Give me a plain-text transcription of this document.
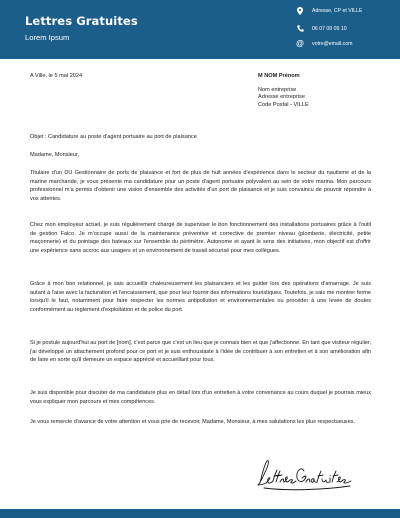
Lettres Gratuites
Lorem Ipsum
Adresse, CP et VILLE
06 07 08 09 10
@	votre@email.com
A Ville, le 5 mai 2024	M NOM Prénom
Nom entreprise
Adresse entreprise
Code Postal - VILLE
Objet : Candidature au poste d'agent portuaire au port de plaisance
Madame, Monsieur,

Titulaire d'un DU Gestionnaire de ports de plaisance et fort de plus de huit années d'expérience dans le secteur du nautisme et de la marine marchande, je vous présente ma candidature pour un poste d'agent portuaire polyvalent au sein de votre marina. Mon parcours professionnel m'a permis d'obtenir une vision d'ensemble des activités d'un port de plaisance et je suis convaincu de pouvoir répondre à vos attentes.

Chez mon employeur actuel, je suis régulièrement chargé de superviser le bon fonctionnement des installations portuaires grâce à l'outil de gestion Falco. Je m'occupe aussi de la maintenance préventive et corrective de premier niveau (plomberie, électricité, petite maçonnerie) et du pointage des bateaux sur l'ensemble du périmètre. Autonome et ayant le sens des initiatives, mon objectif est d'offrir une expérience sans accroc aux usagers et un environnement de travail sécurisé pour mes collègues.

Grâce à mon bon relationnel, je sais accueillir chaleureusement les plaisanciers et les guider lors des opérations d'amarrage. Je suis autant à l'aise avec la facturation et l'encaissement, que pour leur fournir des informations touristiques. Toutefois, je sais me montrer ferme lorsqu'il le faut, notamment pour faire respecter les normes antipollution et environnementales ou procéder à une levée de doutes conformément au règlement d'exploitation et de police du port.

Si je postule aujourd'hui au port de [nom], c'est parce que c'est un lieu que je connais bien et que j'affectionne. En tant que visiteur régulier, j'ai développé un attachement profond pour ce port et je suis enthousiaste à l'idée de contribuer à son entretien et à son amélioration afin de faire en sorte qu'il demeure un espace apprécié et accueillant pour tous.

Je suis disponible pour discuter de ma candidature plus en détail lors d'un entretien à votre convenance au cours duquel je pourrais mieux vous expliquer mon parcours et mes compétences.

Je vous remercie d'avance de votre attention et vous prie de recevoir, Madame, Monsieur, à mes salutations les plus respectueuses.
